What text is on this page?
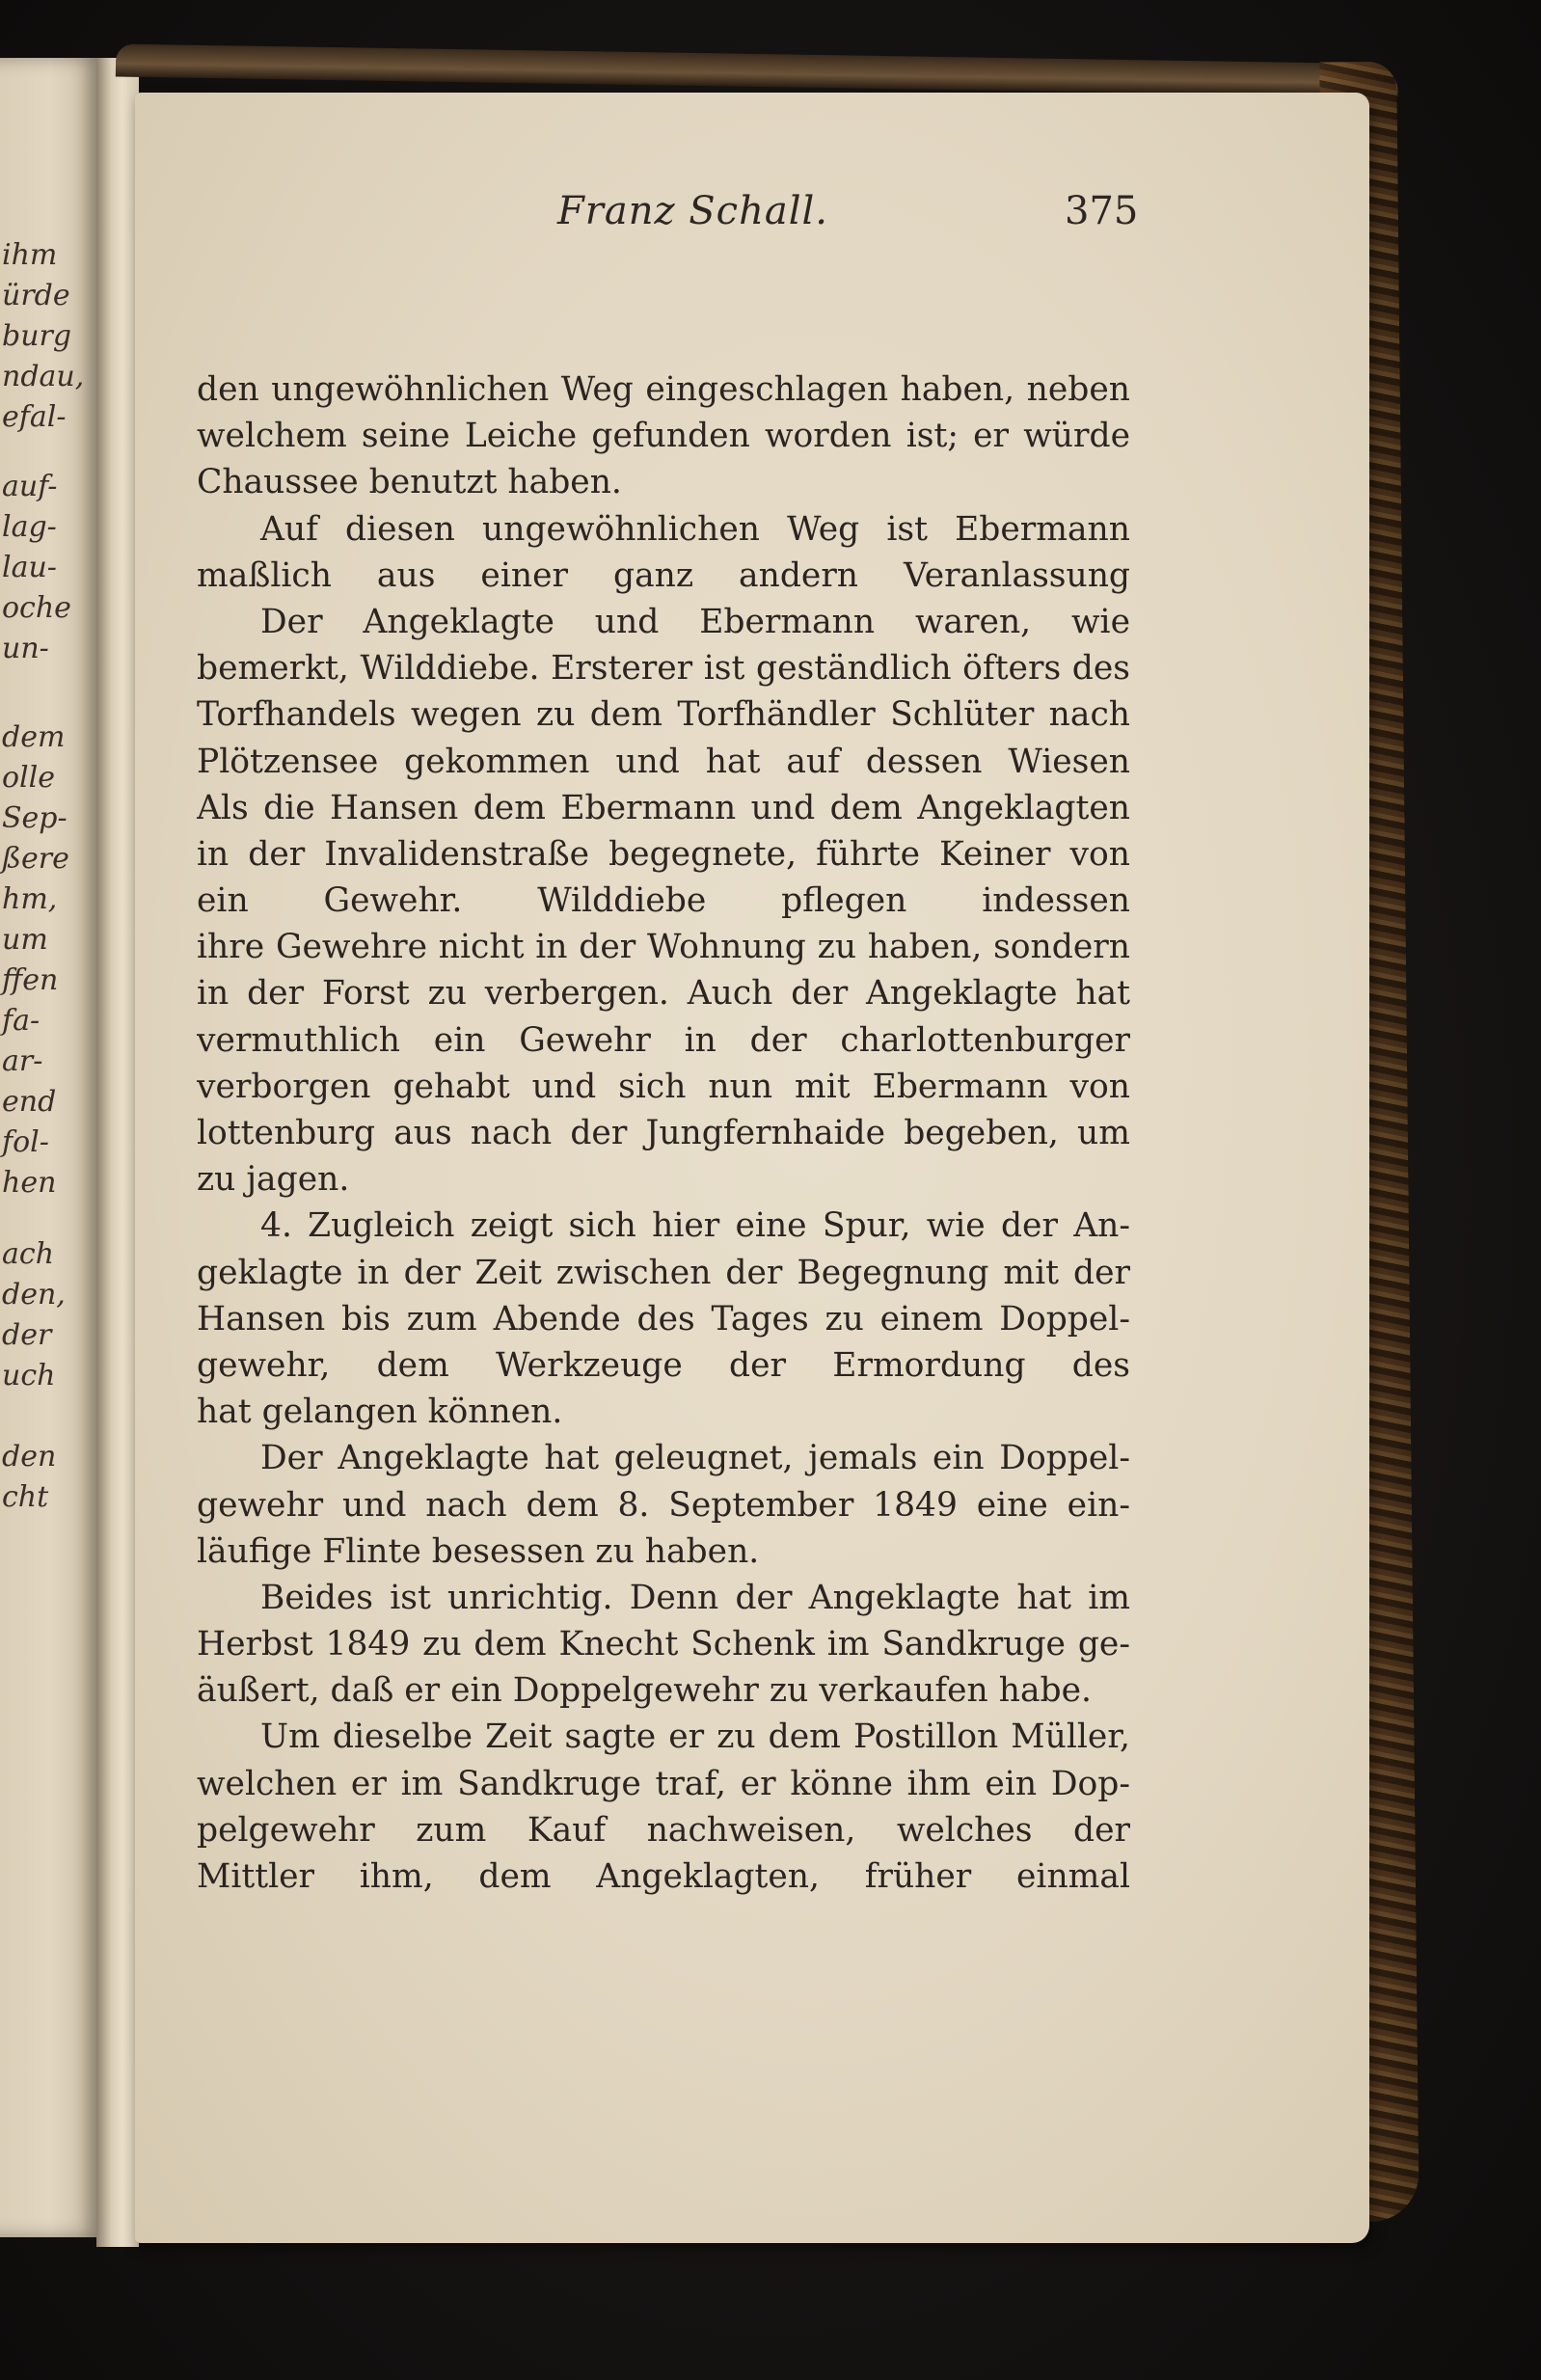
ihm
ürde
burg
ndau,
efal-
auf-
lag-
lau-
oche
un-
dem
olle
Sep-
ßere
hm,
um
ffen
fa-
ar-
end
fol-
hen
ach
den,
der
uch
den
cht
Franz Schall.	375
den ungewöhnlichen Weg eingeschlagen haben, neben
welchem seine Leiche gefunden worden ist; er würde
Chaussee benutzt haben.
Auf diesen ungewöhnlichen Weg ist Ebermann
maßlich aus einer ganz andern Veranlassung
Der Angeklagte und Ebermann waren, wie
bemerkt, Wilddiebe. Ersterer ist geständlich öfters des
Torfhandels wegen zu dem Torfhändler Schlüter nach
Plötzensee gekommen und hat auf dessen Wiesen
Als die Hansen dem Ebermann und dem Angeklagten
in der Invalidenstraße begegnete, führte Keiner von
ein Gewehr. Wilddiebe pflegen indessen
ihre Gewehre nicht in der Wohnung zu haben, sondern
in der Forst zu verbergen. Auch der Angeklagte hat
vermuthlich ein Gewehr in der charlottenburger
verborgen gehabt und sich nun mit Ebermann von
lottenburg aus nach der Jungfernhaide begeben, um
zu jagen.
4. Zugleich zeigt sich hier eine Spur, wie der An-
geklagte in der Zeit zwischen der Begegnung mit der
Hansen bis zum Abende des Tages zu einem Doppel-
gewehr, dem Werkzeuge der Ermordung des
hat gelangen können.
Der Angeklagte hat geleugnet, jemals ein Doppel-
gewehr und nach dem 8. September 1849 eine ein-
läufige Flinte besessen zu haben.
Beides ist unrichtig. Denn der Angeklagte hat im
Herbst 1849 zu dem Knecht Schenk im Sandkruge ge-
äußert, daß er ein Doppelgewehr zu verkaufen habe.
Um dieselbe Zeit sagte er zu dem Postillon Müller,
welchen er im Sandkruge traf, er könne ihm ein Dop-
pelgewehr zum Kauf nachweisen, welches der
Mittler ihm, dem Angeklagten, früher einmal
